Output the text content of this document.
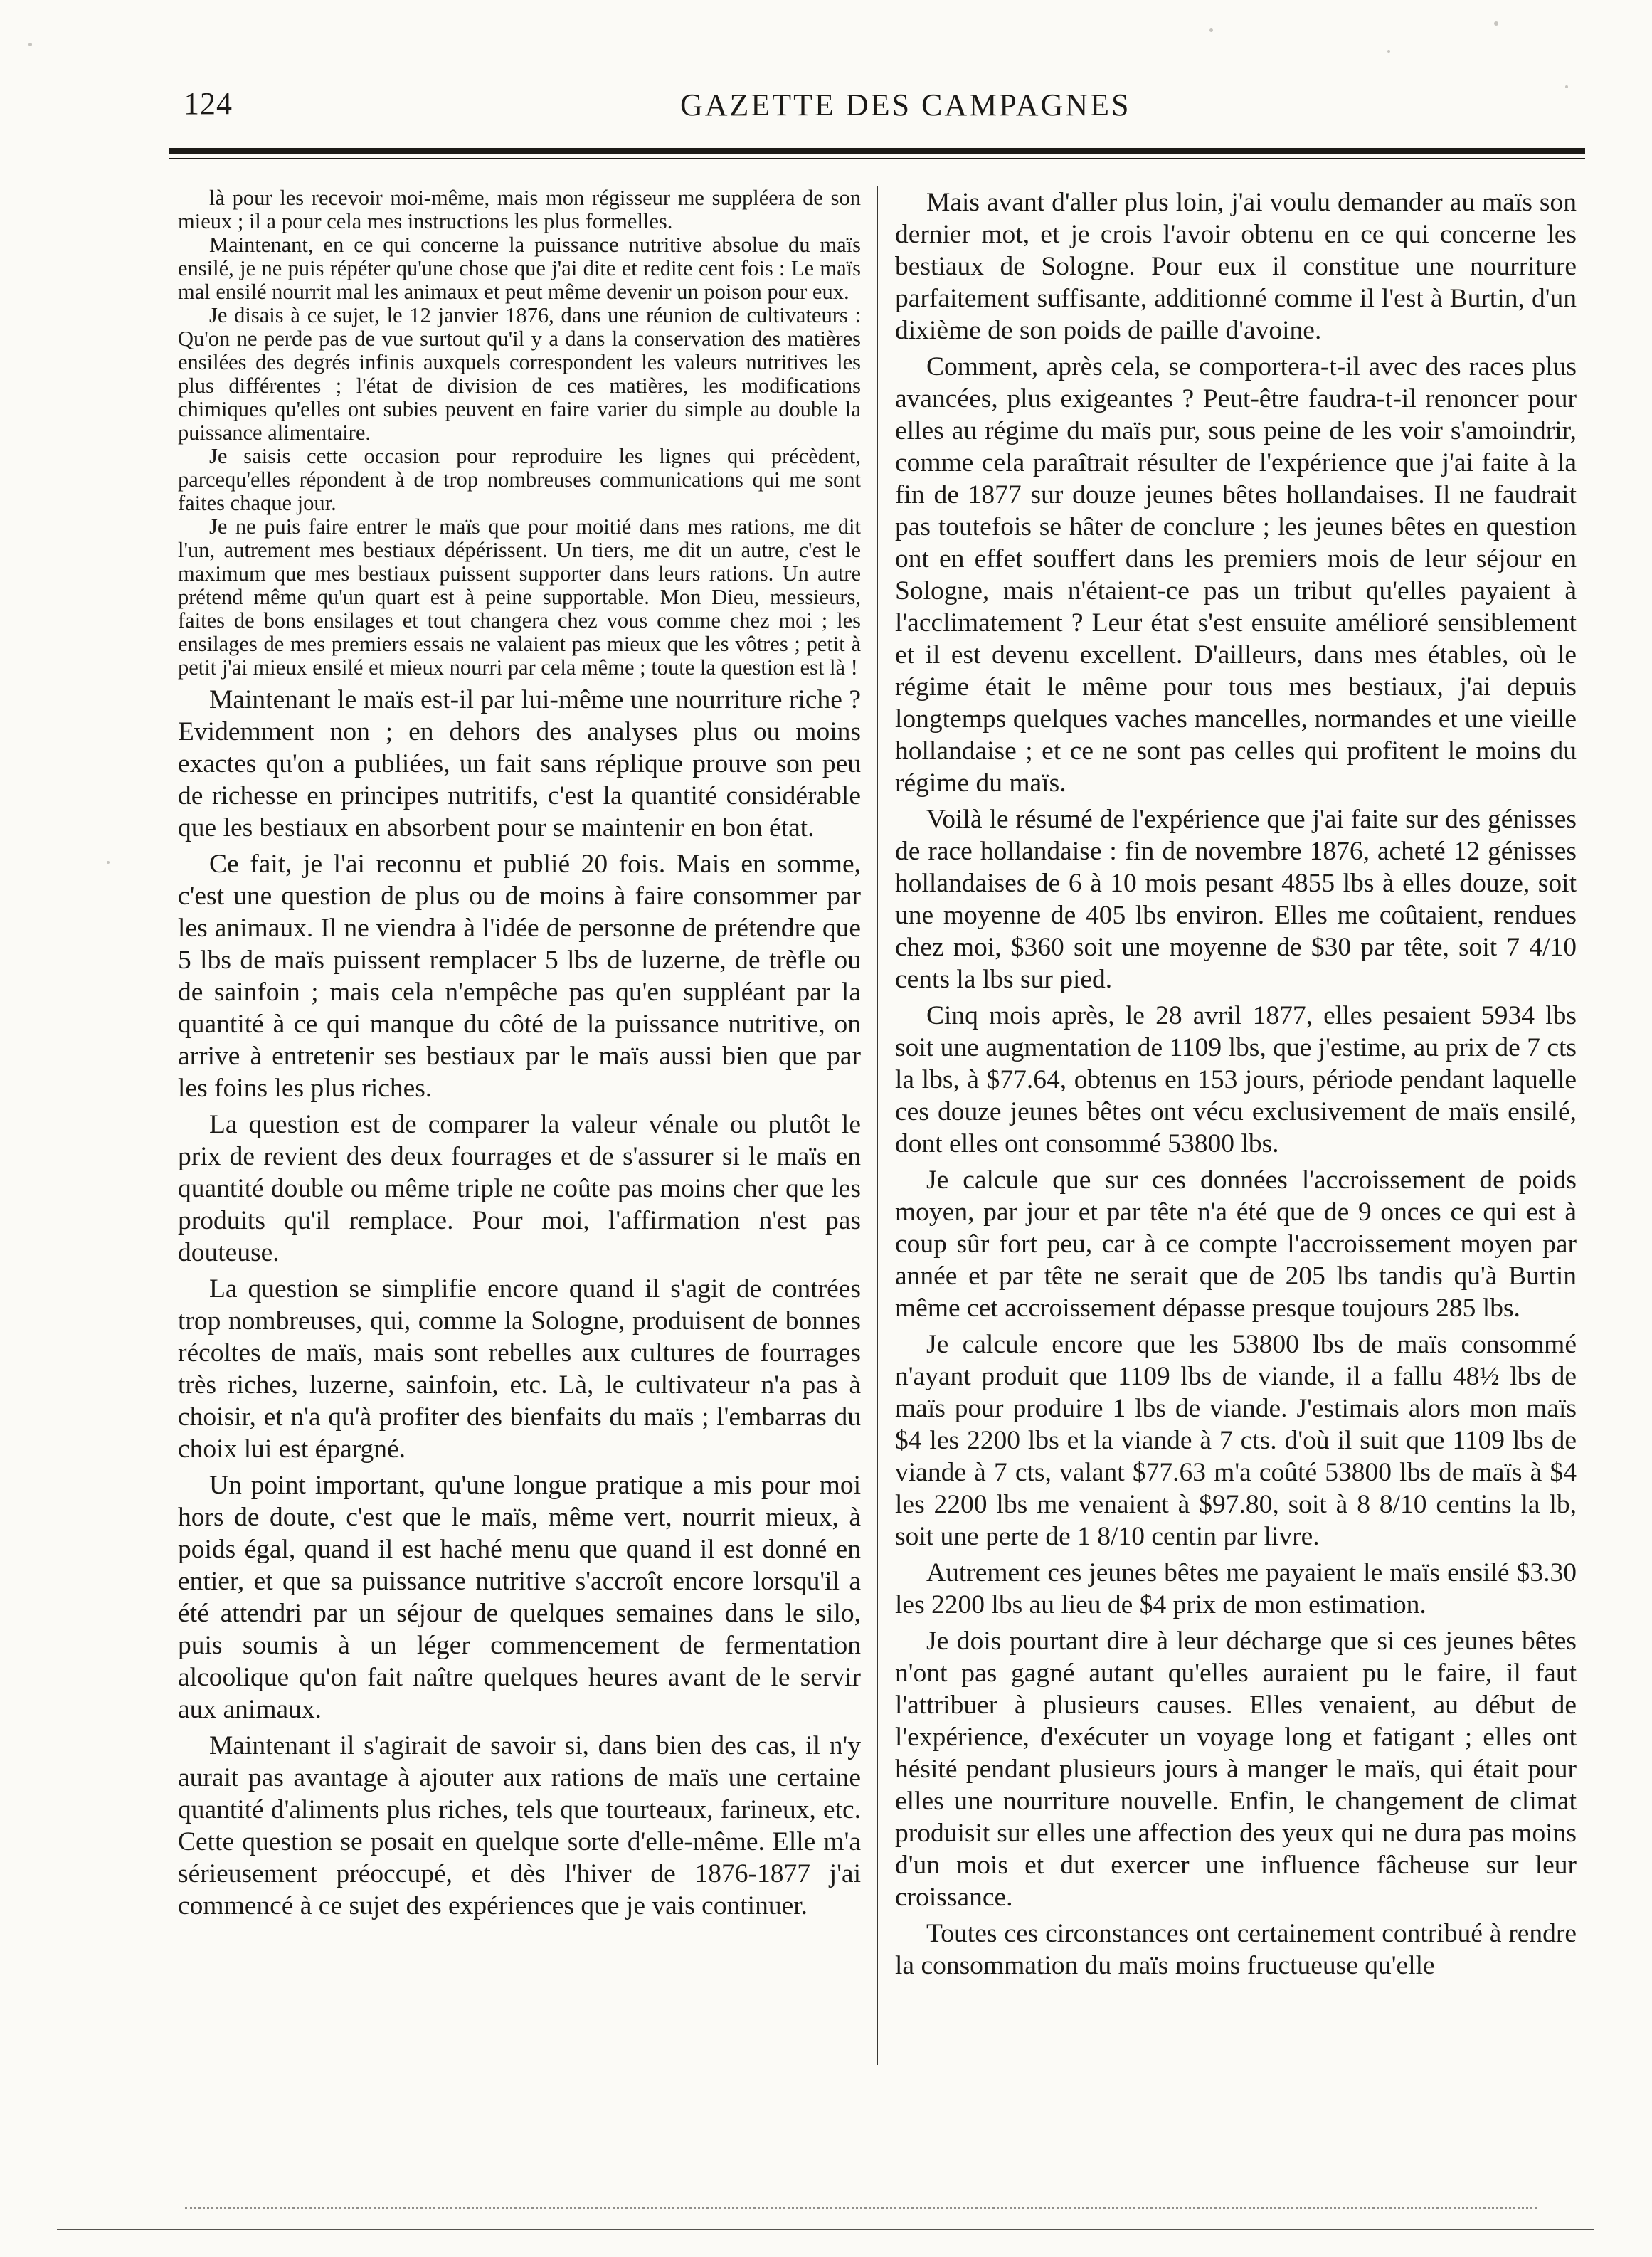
124	GAZETTE DES CAMPAGNES

là pour les recevoir moi-même, mais mon régisseur me suppléera de son mieux ; il a pour cela mes instructions les plus formelles.

Maintenant, en ce qui concerne la puissance nutritive absolue du maïs ensilé, je ne puis répéter qu'une chose que j'ai dite et redite cent fois : Le maïs mal ensilé nourrit mal les animaux et peut même devenir un poison pour eux.

Je disais à ce sujet, le 12 janvier 1876, dans une réunion de cultivateurs : Qu'on ne perde pas de vue surtout qu'il y a dans la conservation des matières ensilées des degrés infinis auxquels correspondent les valeurs nutritives les plus différentes ; l'état de division de ces matières, les modifications chimiques qu'elles ont subies peuvent en faire varier du simple au double la puissance alimentaire.

Je saisis cette occasion pour reproduire les lignes qui précèdent, parcequ'elles répondent à de trop nombreuses communications qui me sont faites chaque jour.

Je ne puis faire entrer le maïs que pour moitié dans mes rations, me dit l'un, autrement mes bestiaux dépérissent. Un tiers, me dit un autre, c'est le maximum que mes bestiaux puissent supporter dans leurs rations. Un autre prétend même qu'un quart est à peine supportable. Mon Dieu, messieurs, faites de bons ensilages et tout changera chez vous comme chez moi ; les ensilages de mes premiers essais ne valaient pas mieux que les vôtres ; petit à petit j'ai mieux ensilé et mieux nourri par cela même ; toute la question est là !

Maintenant le maïs est-il par lui-même une nourriture riche ? Evidemment non ; en dehors des analyses plus ou moins exactes qu'on a publiées, un fait sans réplique prouve son peu de richesse en principes nutritifs, c'est la quantité considérable que les bestiaux en absorbent pour se maintenir en bon état.

Ce fait, je l'ai reconnu et publié 20 fois. Mais en somme, c'est une question de plus ou de moins à faire consommer par les animaux. Il ne viendra à l'idée de personne de prétendre que 5 lbs de maïs puissent remplacer 5 lbs de luzerne, de trèfle ou de sainfoin ; mais cela n'empêche pas qu'en suppléant par la quantité à ce qui manque du côté de la puissance nutritive, on arrive à entretenir ses bestiaux par le maïs aussi bien que par les foins les plus riches.

La question est de comparer la valeur vénale ou plutôt le prix de revient des deux fourrages et de s'assurer si le maïs en quantité double ou même triple ne coûte pas moins cher que les produits qu'il remplace. Pour moi, l'affirmation n'est pas douteuse.

La question se simplifie encore quand il s'agit de contrées trop nombreuses, qui, comme la Sologne, produisent de bonnes récoltes de maïs, mais sont rebelles aux cultures de fourrages très riches, luzerne, sainfoin, etc. Là, le cultivateur n'a pas à choisir, et n'a qu'à profiter des bienfaits du maïs ; l'embarras du choix lui est épargné.

Un point important, qu'une longue pratique a mis pour moi hors de doute, c'est que le maïs, même vert, nourrit mieux, à poids égal, quand il est haché menu que quand il est donné en entier, et que sa puissance nutritive s'accroît encore lorsqu'il a été attendri par un séjour de quelques semaines dans le silo, puis soumis à un léger commencement de fermentation alcoolique qu'on fait naître quelques heures avant de le servir aux animaux.

Maintenant il s'agirait de savoir si, dans bien des cas, il n'y aurait pas avantage à ajouter aux rations de maïs une certaine quantité d'aliments plus riches, tels que tourteaux, farineux, etc. Cette question se posait en quelque sorte d'elle-même. Elle m'a sérieusement préoccupé, et dès l'hiver de 1876-1877 j'ai commencé à ce sujet des expériences que je vais continuer.

Mais avant d'aller plus loin, j'ai voulu demander au maïs son dernier mot, et je crois l'avoir obtenu en ce qui concerne les bestiaux de Sologne. Pour eux il constitue une nourriture parfaitement suffisante, additionné comme il l'est à Burtin, d'un dixième de son poids de paille d'avoine.

Comment, après cela, se comportera-t-il avec des races plus avancées, plus exigeantes ? Peut-être faudra-t-il renoncer pour elles au régime du maïs pur, sous peine de les voir s'amoindrir, comme cela paraîtrait résulter de l'expérience que j'ai faite à la fin de 1877 sur douze jeunes bêtes hollandaises. Il ne faudrait pas toutefois se hâter de conclure ; les jeunes bêtes en question ont en effet souffert dans les premiers mois de leur séjour en Sologne, mais n'étaient-ce pas un tribut qu'elles payaient à l'acclimatement ? Leur état s'est ensuite amélioré sensiblement et il est devenu excellent. D'ailleurs, dans mes étables, où le régime était le même pour tous mes bestiaux, j'ai depuis longtemps quelques vaches mancelles, normandes et une vieille hollandaise ; et ce ne sont pas celles qui profitent le moins du régime du maïs.

Voilà le résumé de l'expérience que j'ai faite sur des génisses de race hollandaise : fin de novembre 1876, acheté 12 génisses hollandaises de 6 à 10 mois pesant 4855 lbs à elles douze, soit une moyenne de 405 lbs environ. Elles me coûtaient, rendues chez moi, $360 soit une moyenne de $30 par tête, soit 7 4/10 cents la lbs sur pied.

Cinq mois après, le 28 avril 1877, elles pesaient 5934 lbs soit une augmentation de 1109 lbs, que j'estime, au prix de 7 cts la lbs, à $77.64, obtenus en 153 jours, période pendant laquelle ces douze jeunes bêtes ont vécu exclusivement de maïs ensilé, dont elles ont consommé 53800 lbs.

Je calcule que sur ces données l'accroissement de poids moyen, par jour et par tête n'a été que de 9 onces ce qui est à coup sûr fort peu, car à ce compte l'accroissement moyen par année et par tête ne serait que de 205 lbs tandis qu'à Burtin même cet accroissement dépasse presque toujours 285 lbs.

Je calcule encore que les 53800 lbs de maïs consommé n'ayant produit que 1109 lbs de viande, il a fallu 48½ lbs de maïs pour produire 1 lbs de viande. J'estimais alors mon maïs $4 les 2200 lbs et la viande à 7 cts. d'où il suit que 1109 lbs de viande à 7 cts, valant $77.63 m'a coûté 53800 lbs de maïs à $4 les 2200 lbs me venaient à $97.80, soit à 8 8/10 centins la lb, soit une perte de 1 8/10 centin par livre.

Autrement ces jeunes bêtes me payaient le maïs ensilé $3.30 les 2200 lbs au lieu de $4 prix de mon estimation.

Je dois pourtant dire à leur décharge que si ces jeunes bêtes n'ont pas gagné autant qu'elles auraient pu le faire, il faut l'attribuer à plusieurs causes. Elles venaient, au début de l'expérience, d'exécuter un voyage long et fatigant ; elles ont hésité pendant plusieurs jours à manger le maïs, qui était pour elles une nourriture nouvelle. Enfin, le changement de climat produisit sur elles une affection des yeux qui ne dura pas moins d'un mois et dut exercer une influence fâcheuse sur leur croissance.

Toutes ces circonstances ont certainement contribué à rendre la consommation du maïs moins fructueuse qu'elle
